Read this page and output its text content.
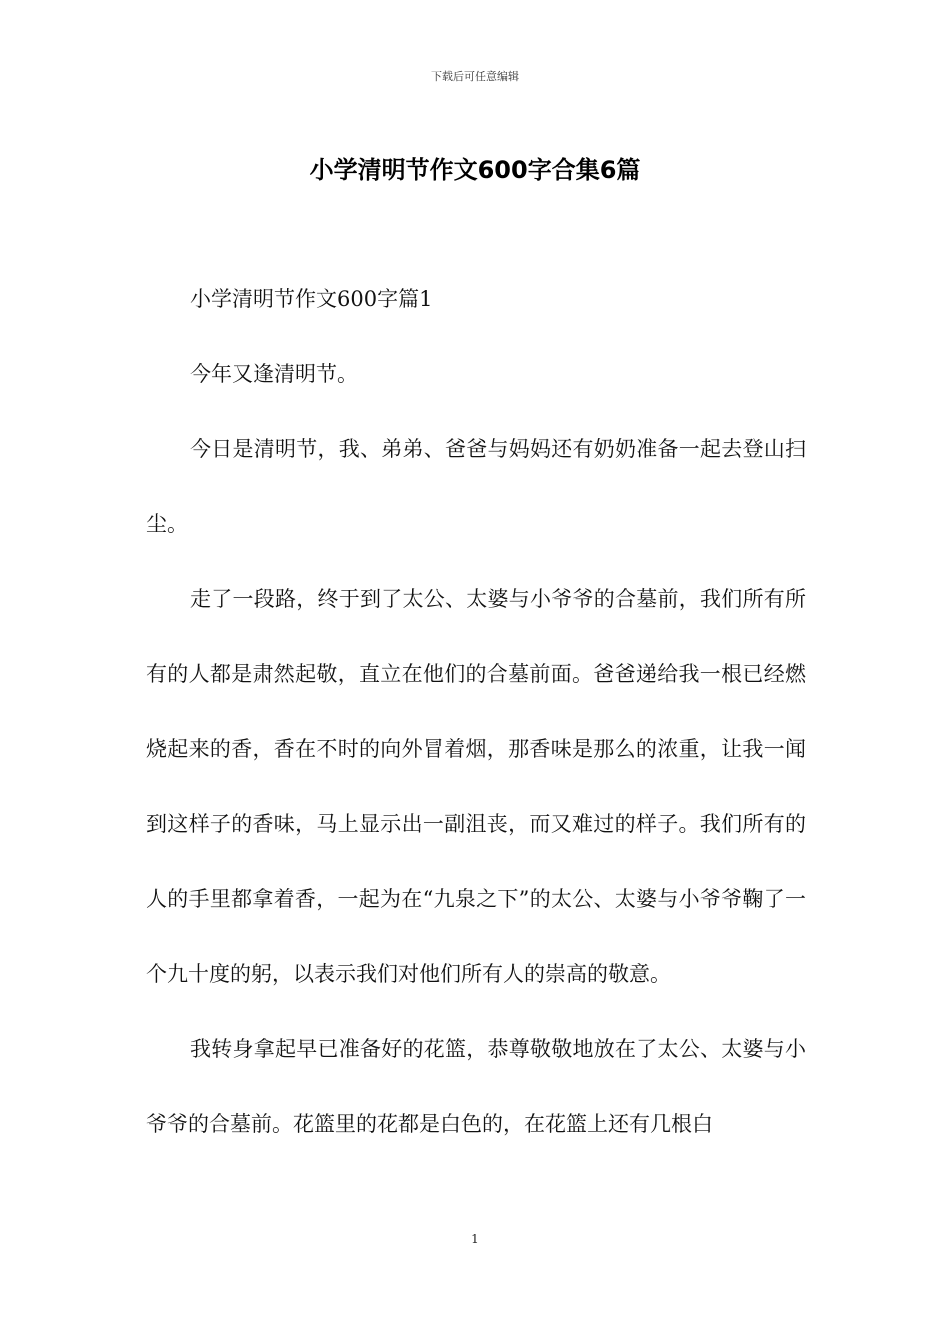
下载后可任意编辑
小学清明节作文600字合集6篇

小学清明节作文600字篇1

今年又逢清明节。

今日是清明节，我、弟弟、爸爸与妈妈还有奶奶准备一起去登山扫尘。

走了一段路，终于到了太公、太婆与小爷爷的合墓前，我们所有所有的人都是肃然起敬，直立在他们的合墓前面。爸爸递给我一根已经燃烧起来的香，香在不时的向外冒着烟，那香味是那么的浓重，让我一闻到这样子的香味，马上显示出一副沮丧，而又难过的样子。我们所有的人的手里都拿着香，一起为在“九泉之下”的太公、太婆与小爷爷鞠了一个九十度的躬，以表示我们对他们所有人的崇高的敬意。

我转身拿起早已准备好的花篮，恭尊敬敬地放在了太公、太婆与小爷爷的合墓前。花篮里的花都是白色的，在花篮上还有几根白

1
